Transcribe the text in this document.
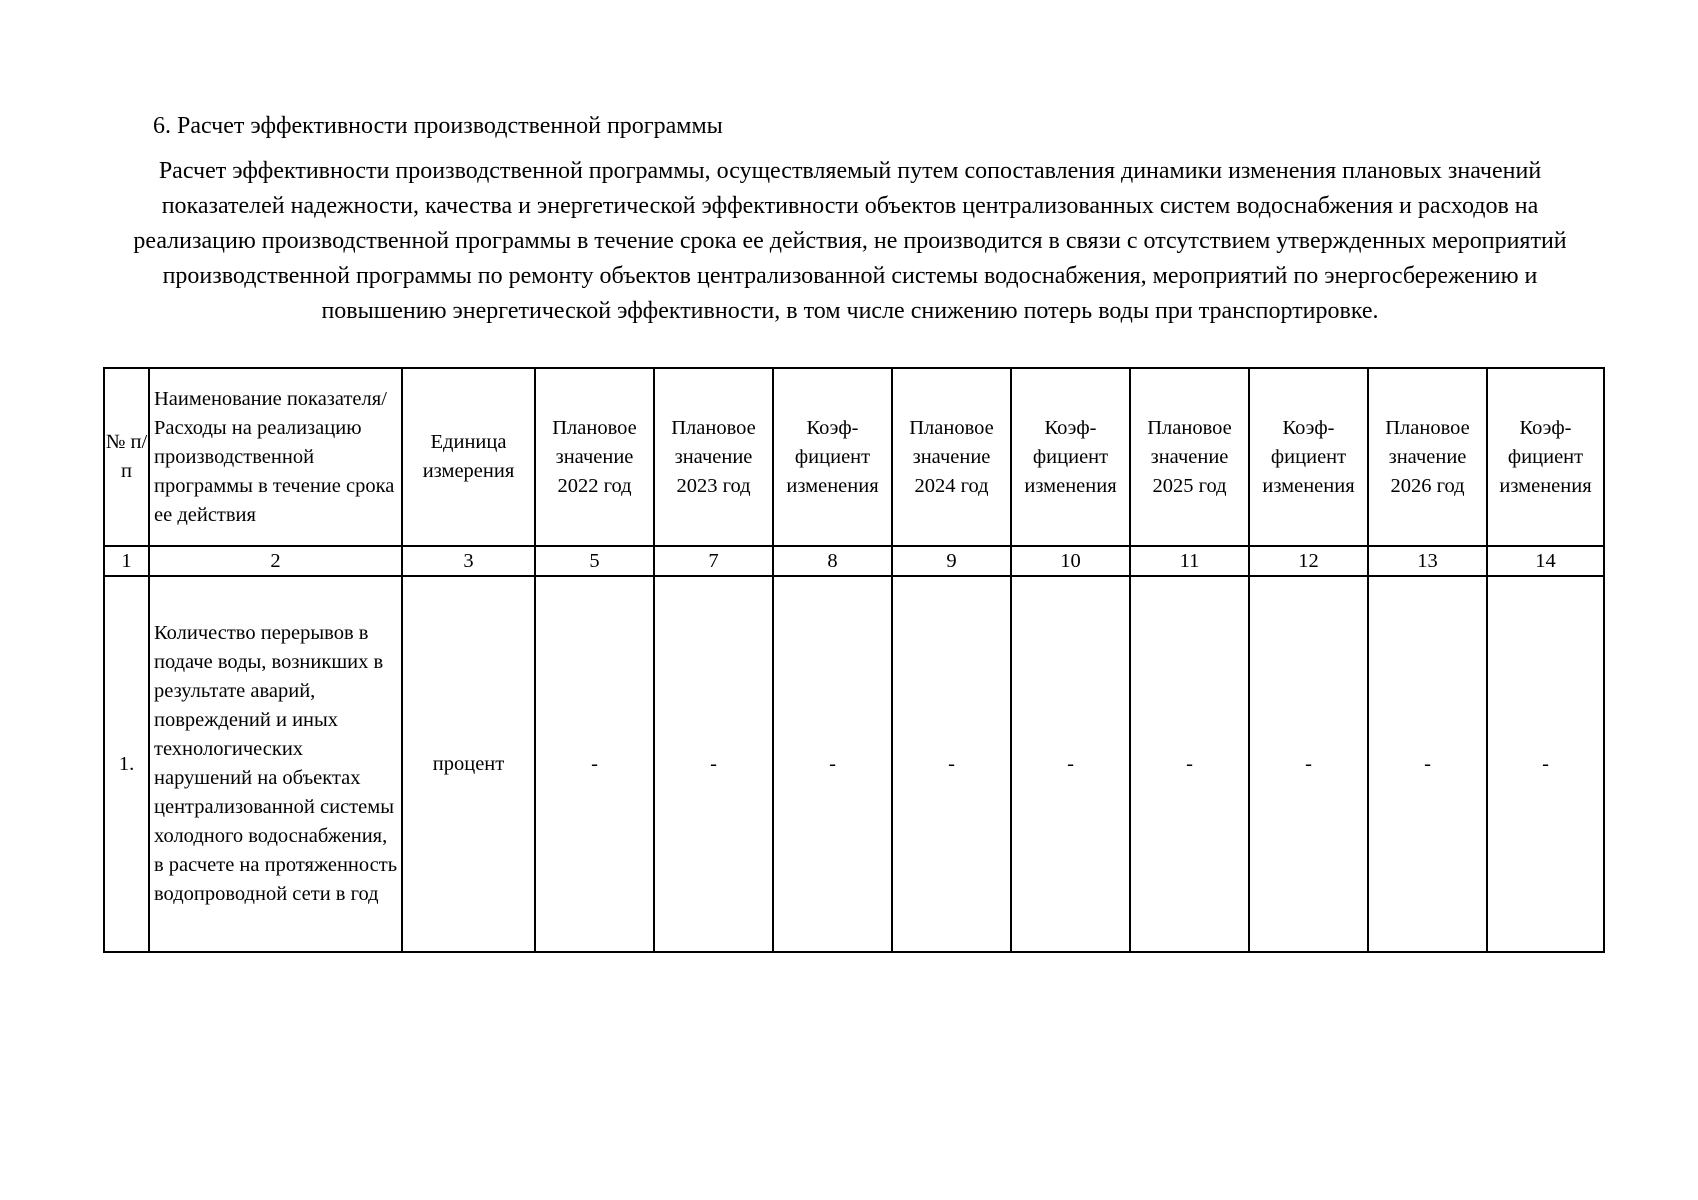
6. Расчет эффективности производственной программы
Расчет эффективности производственной программы, осуществляемый путем сопоставления динамики изменения плановых значений показателей надежности, качества и энергетической эффективности объектов централизованных систем водоснабжения и расходов на реализацию производственной программы в течение срока ее действия, не производится в связи с отсутствием утвержденных мероприятий производственной программы по ремонту объектов централизованной системы водоснабжения, мероприятий по энергосбережению и повышению энергетической эффективности, в том числе снижению потерь воды при транспортировке.
№ п/п	Наименование показателя/Расходы на реализацию производственной программы в течение срока ее действия	Единица измерения	Плановое значение 2022 год	Плановое значение 2023 год	Коэф-фициент изменения	Плановое значение 2024 год	Коэф-фициент изменения	Плановое значение 2025 год	Коэф-фициент изменения	Плановое значение 2026 год	Коэф-фициент изменения
1	2	3	5	7	8	9	10	11	12	13	14
1.	Количество перерывов в подаче воды, возникших в результате аварий, повреждений и иных технологических нарушений на объектах централизованной системы холодного водоснабжения, в расчете на протяженность водопроводной сети в год	процент	-	-	-	-	-	-	-	-	-
